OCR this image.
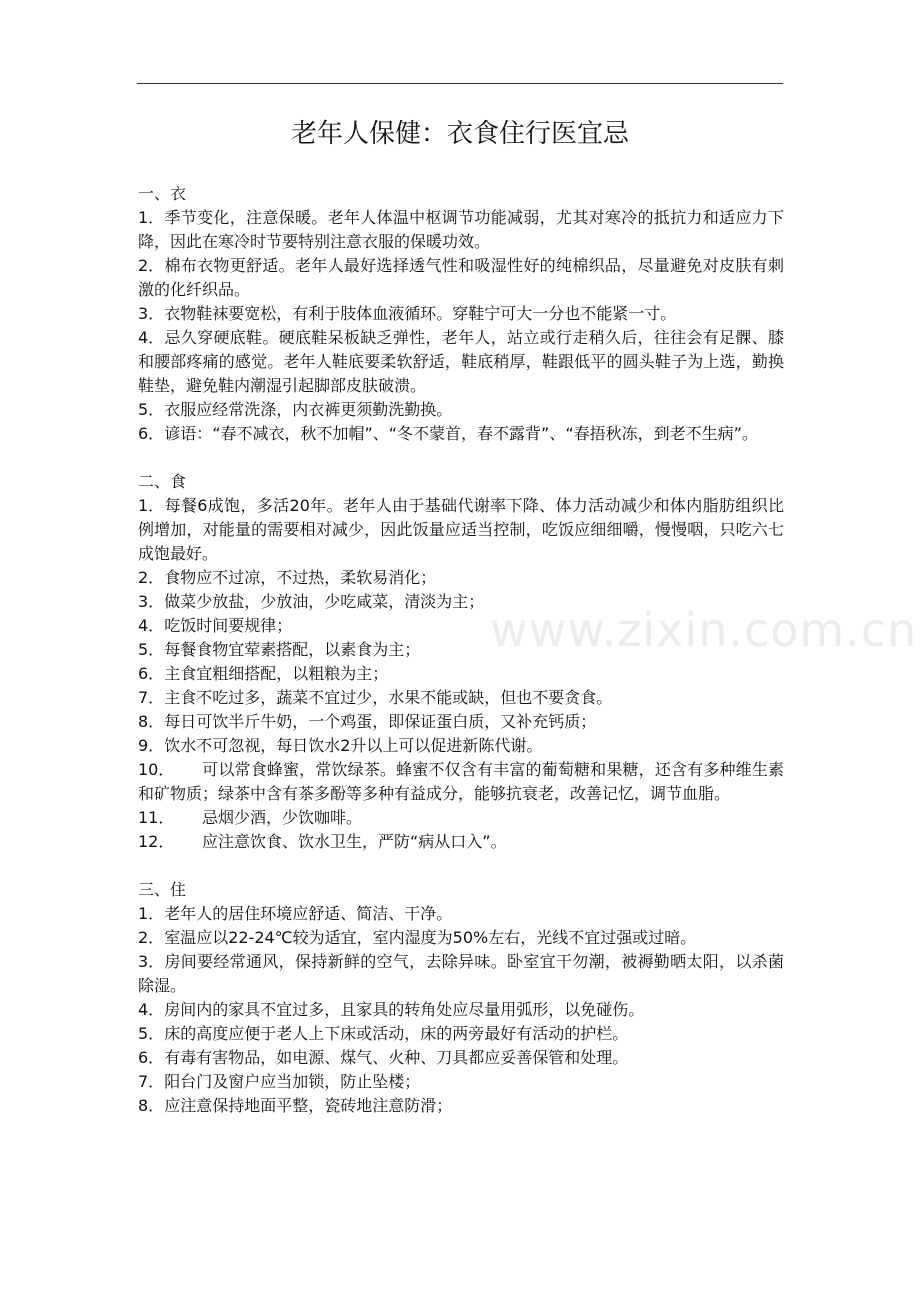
老年人保健：衣食住行医宜忌
一、衣
1．季节变化，注意保暖。老年人体温中枢调节功能减弱，尤其对寒冷的抵抗力和适应力下降，因此在寒冷时节要特别注意衣服的保暖功效。
2．棉布衣物更舒适。老年人最好选择透气性和吸湿性好的纯棉织品，尽量避免对皮肤有刺激的化纤织品。
3．衣物鞋袜要宽松，有利于肢体血液循环。穿鞋宁可大一分也不能紧一寸。
4．忌久穿硬底鞋。硬底鞋呆板缺乏弹性，老年人，站立或行走稍久后，往往会有足髁、膝和腰部疼痛的感觉。老年人鞋底要柔软舒适，鞋底稍厚，鞋跟低平的圆头鞋子为上选，勤换鞋垫，避免鞋内潮湿引起脚部皮肤破溃。
5．衣服应经常洗涤，内衣裤更须勤洗勤换。
6．谚语：“春不减衣，秋不加帽”、“冬不蒙首，春不露背”、“春捂秋冻，到老不生病”。
二、食
1．每餐6成饱，多活20年。老年人由于基础代谢率下降、体力活动减少和体内脂肪组织比例增加，对能量的需要相对减少，因此饭量应适当控制，吃饭应细细嚼，慢慢咽，只吃六七成饱最好。
2．食物应不过凉，不过热，柔软易消化；
3．做菜少放盐，少放油，少吃咸菜，清淡为主；
4．吃饭时间要规律；
5．每餐食物宜荤素搭配，以素食为主；
6．主食宜粗细搭配，以粗粮为主；
7．主食不吃过多，蔬菜不宜过少，水果不能或缺，但也不要贪食。
8．每日可饮半斤牛奶，一个鸡蛋，即保证蛋白质，又补充钙质；
9．饮水不可忽视，每日饮水2升以上可以促进新陈代谢。
10． 可以常食蜂蜜，常饮绿茶。蜂蜜不仅含有丰富的葡萄糖和果糖，还含有多种维生素和矿物质；绿茶中含有茶多酚等多种有益成分，能够抗衰老，改善记忆，调节血脂。
11． 忌烟少酒，少饮咖啡。
12． 应注意饮食、饮水卫生，严防“病从口入”。
三、住
1．老年人的居住环境应舒适、简洁、干净。
2．室温应以22-24℃较为适宜，室内湿度为50%左右，光线不宜过强或过暗。
3．房间要经常通风，保持新鲜的空气，去除异味。卧室宜干勿潮，被褥勤晒太阳，以杀菌除湿。
4．房间内的家具不宜过多，且家具的转角处应尽量用弧形，以免碰伤。
5．床的高度应便于老人上下床或活动，床的两旁最好有活动的护栏。
6．有毒有害物品，如电源、煤气、火种、刀具都应妥善保管和处理。
7．阳台门及窗户应当加锁，防止坠楼；
8．应注意保持地面平整，瓷砖地注意防滑；
www.zixin.com.cn
